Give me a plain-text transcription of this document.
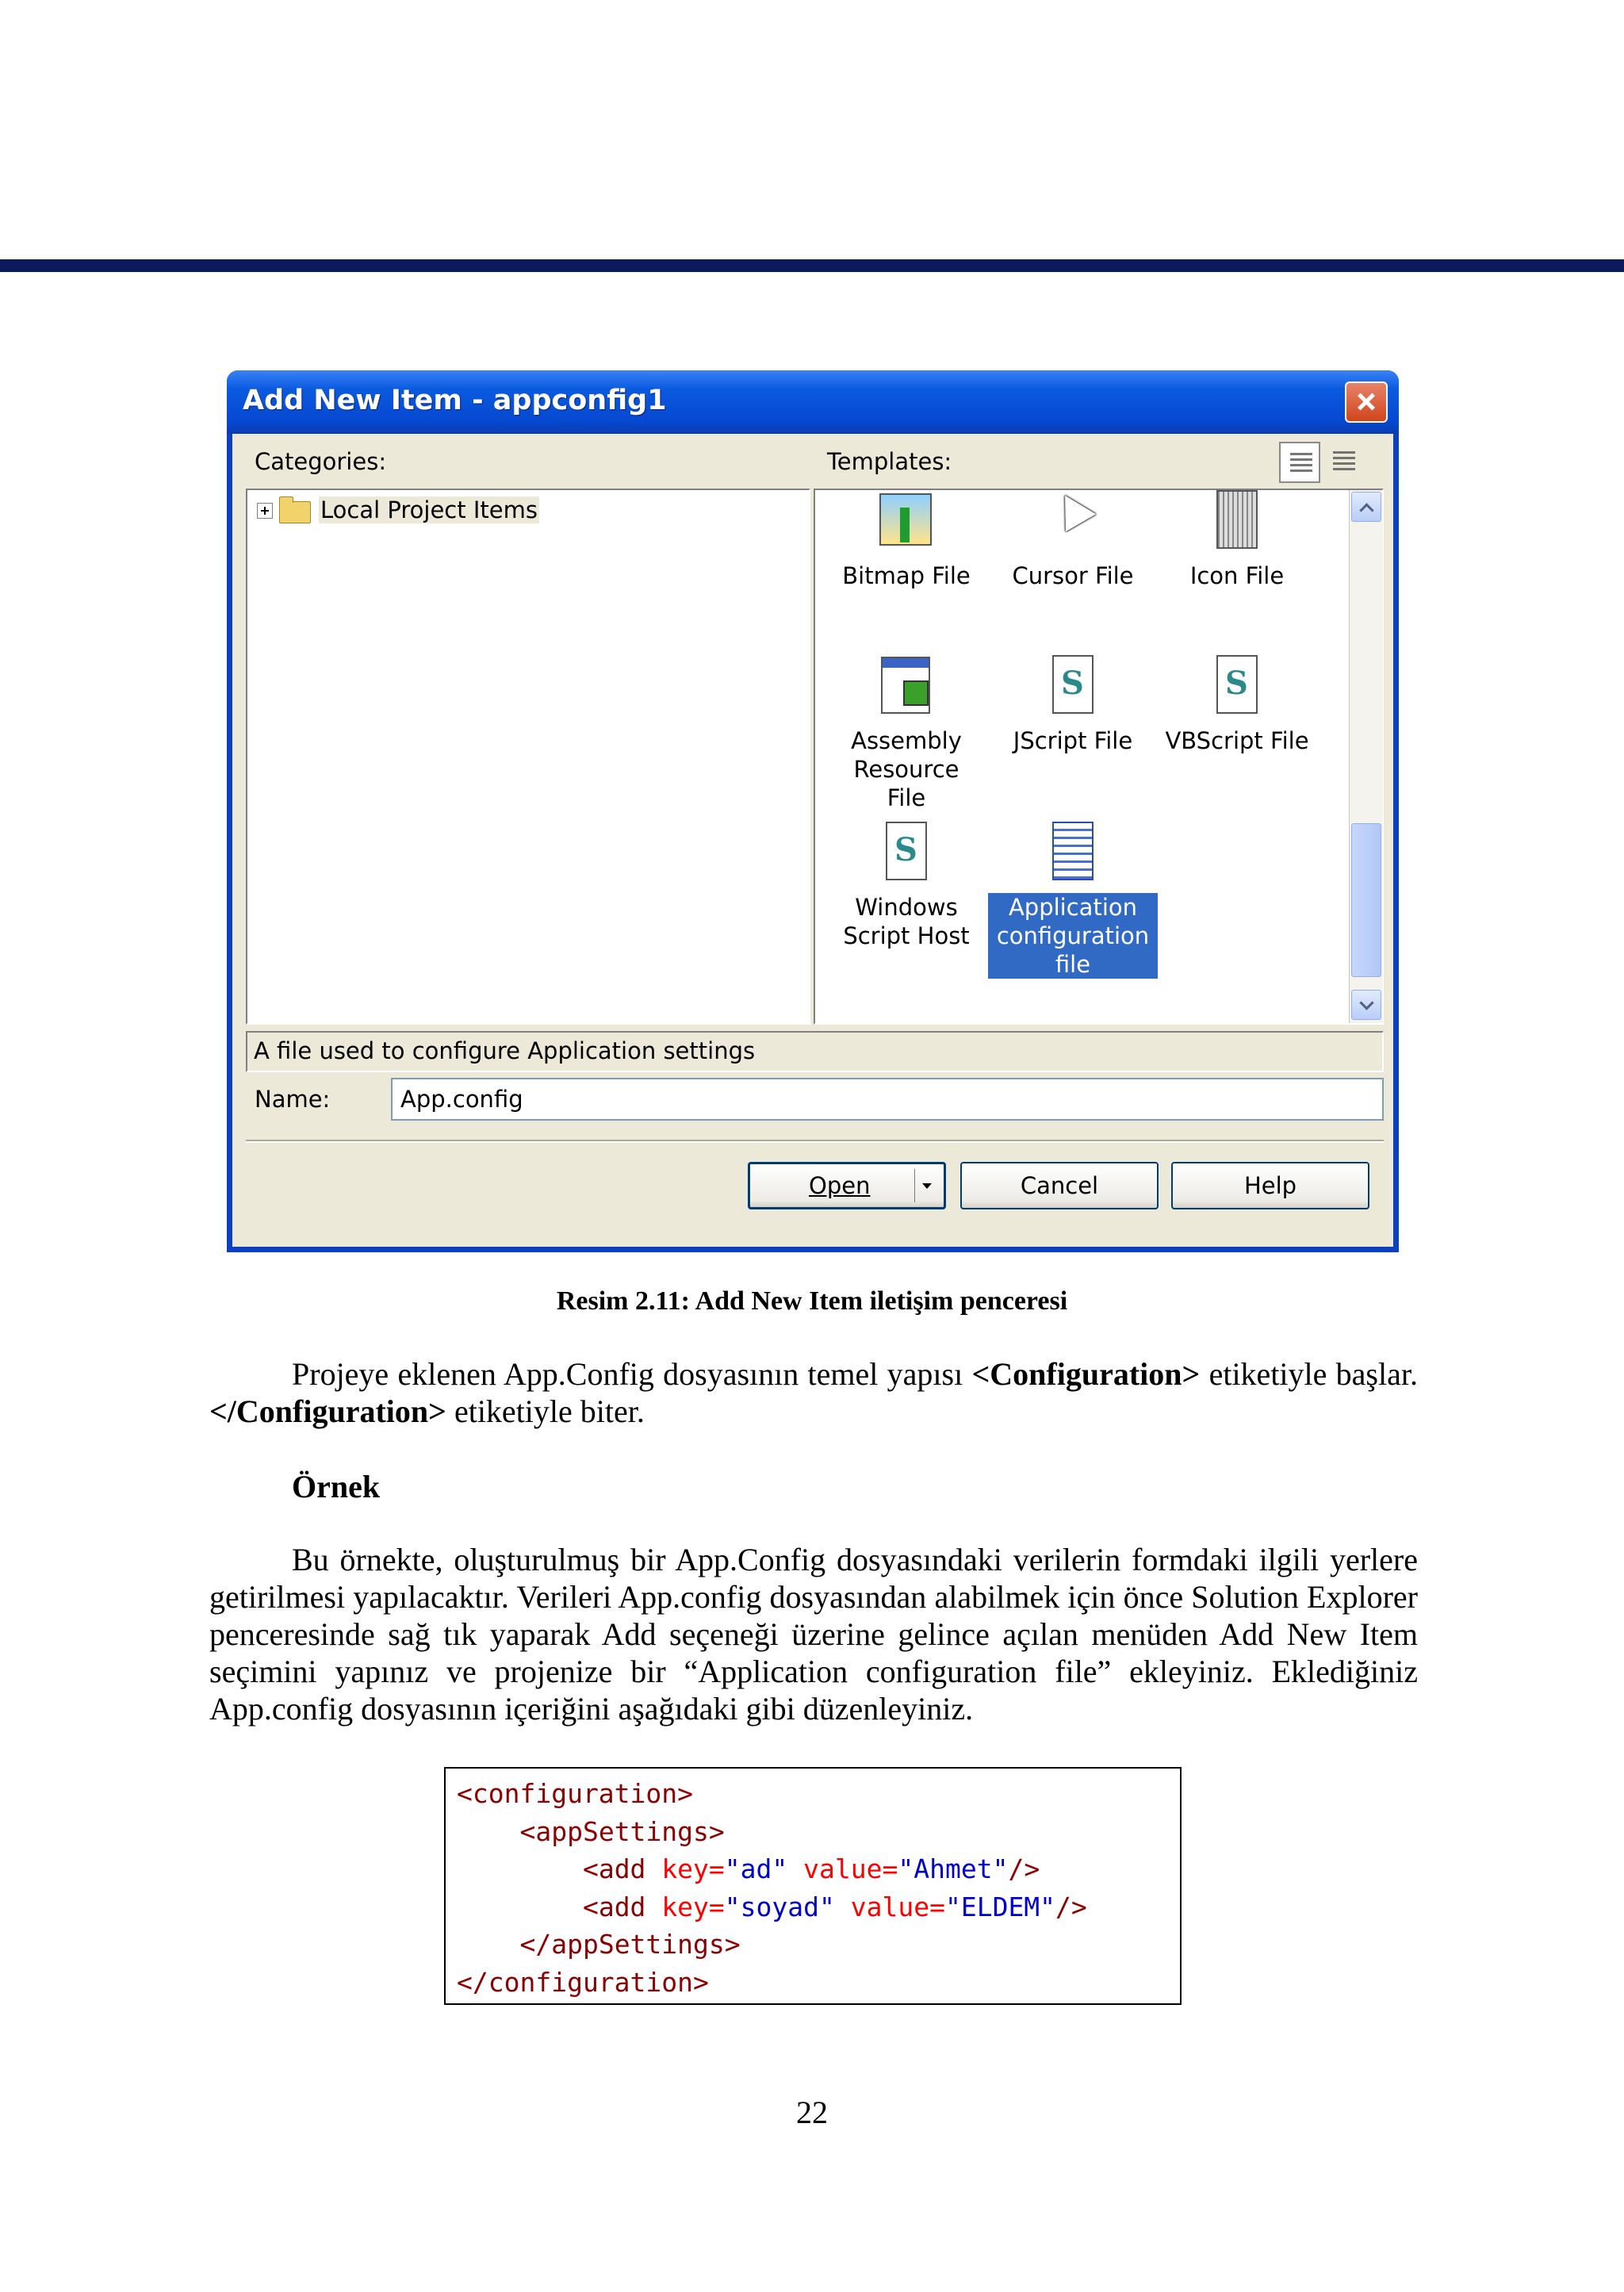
Add New Item - appconfig1
Categories:	Templates:
Local Project Items
Bitmap File	Cursor File	Icon File
Assembly
Resource File
S
JScript File
S	VBScript File
S
Windows
Script Host
Application
configuration
file
A file used to configure Application settings
Name:
App.config
Open	Cancel	Help
Resim 2.11: Add New Item iletişim penceresi

Projeye eklenen App.Config dosyasının temel yapısı <Configuration> etiketiyle başlar. </Configuration> etiketiyle biter.

Örnek

Bu örnekte, oluşturulmuş bir App.Config dosyasındaki verilerin formdaki ilgili yerlere getirilmesi yapılacaktır. Verileri App.config dosyasından alabilmek için önce Solution Explorer penceresinde sağ tık yaparak Add seçeneği üzerine gelince açılan menüden Add New Item seçimini yapınız ve projenize bir “Application configuration file” ekleyiniz. Eklediğiniz App.config dosyasının içeriğini aşağıdaki gibi düzenleyiniz.

<configuration>
<appSettings>
<add key="ad" value="Ahmet"/>
<add key="soyad" value="ELDEM"/>
</appSettings>
</configuration>
22
